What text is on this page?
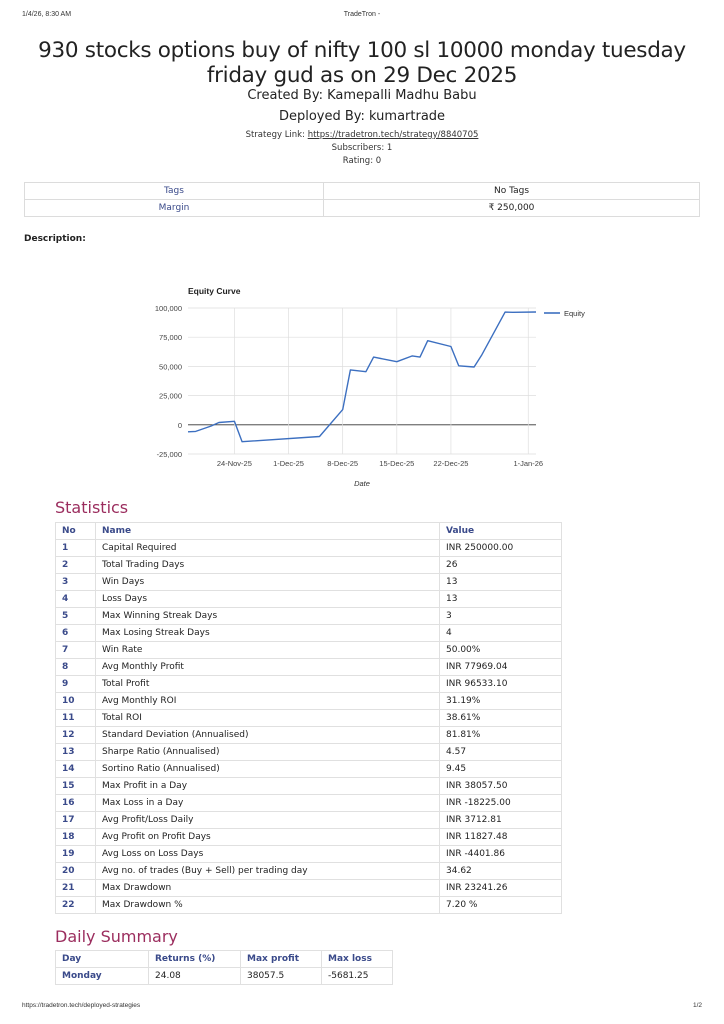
1/4/26, 8:30 AM	TradeTron -
930 stocks options buy of nifty 100 sl 10000 monday tuesday friday gud as on 29 Dec 2025
Created By: Kamepalli Madhu Babu
Deployed By: kumartrade
Strategy Link: https://tradetron.tech/strategy/8840705
Subscribers: 1
Rating: 0
Tags	No Tags
Margin	₹ 250,000
Description:
Equity Curve
-25,000
0
25,000
50,000
75,000
100,000
24-Nov-25	1-Dec-25	8-Dec-25	15-Dec-25	22-Dec-25	1-Jan-26
Date
Equity
Statistics
No	Name	Value
1	Capital Required	INR 250000.00
2	Total Trading Days	26
3	Win Days	13
4	Loss Days	13
5	Max Winning Streak Days	3
6	Max Losing Streak Days	4
7	Win Rate	50.00%
8	Avg Monthly Profit	INR 77969.04
9	Total Profit	INR 96533.10
10	Avg Monthly ROI	31.19%
11	Total ROI	38.61%
12	Standard Deviation (Annualised)	81.81%
13	Sharpe Ratio (Annualised)	4.57
14	Sortino Ratio (Annualised)	9.45
15	Max Profit in a Day	INR 38057.50
16	Max Loss in a Day	INR -18225.00
17	Avg Profit/Loss Daily	INR 3712.81
18	Avg Profit on Profit Days	INR 11827.48
19	Avg Loss on Loss Days	INR -4401.86
20	Avg no. of trades (Buy + Sell) per trading day	34.62
21	Max Drawdown	INR 23241.26
22	Max Drawdown %	7.20 %
Daily Summary
Day	Returns (%)	Max profit	Max loss
Monday	24.08	38057.5	-5681.25
https://tradetron.tech/deployed-strategies	1/2
